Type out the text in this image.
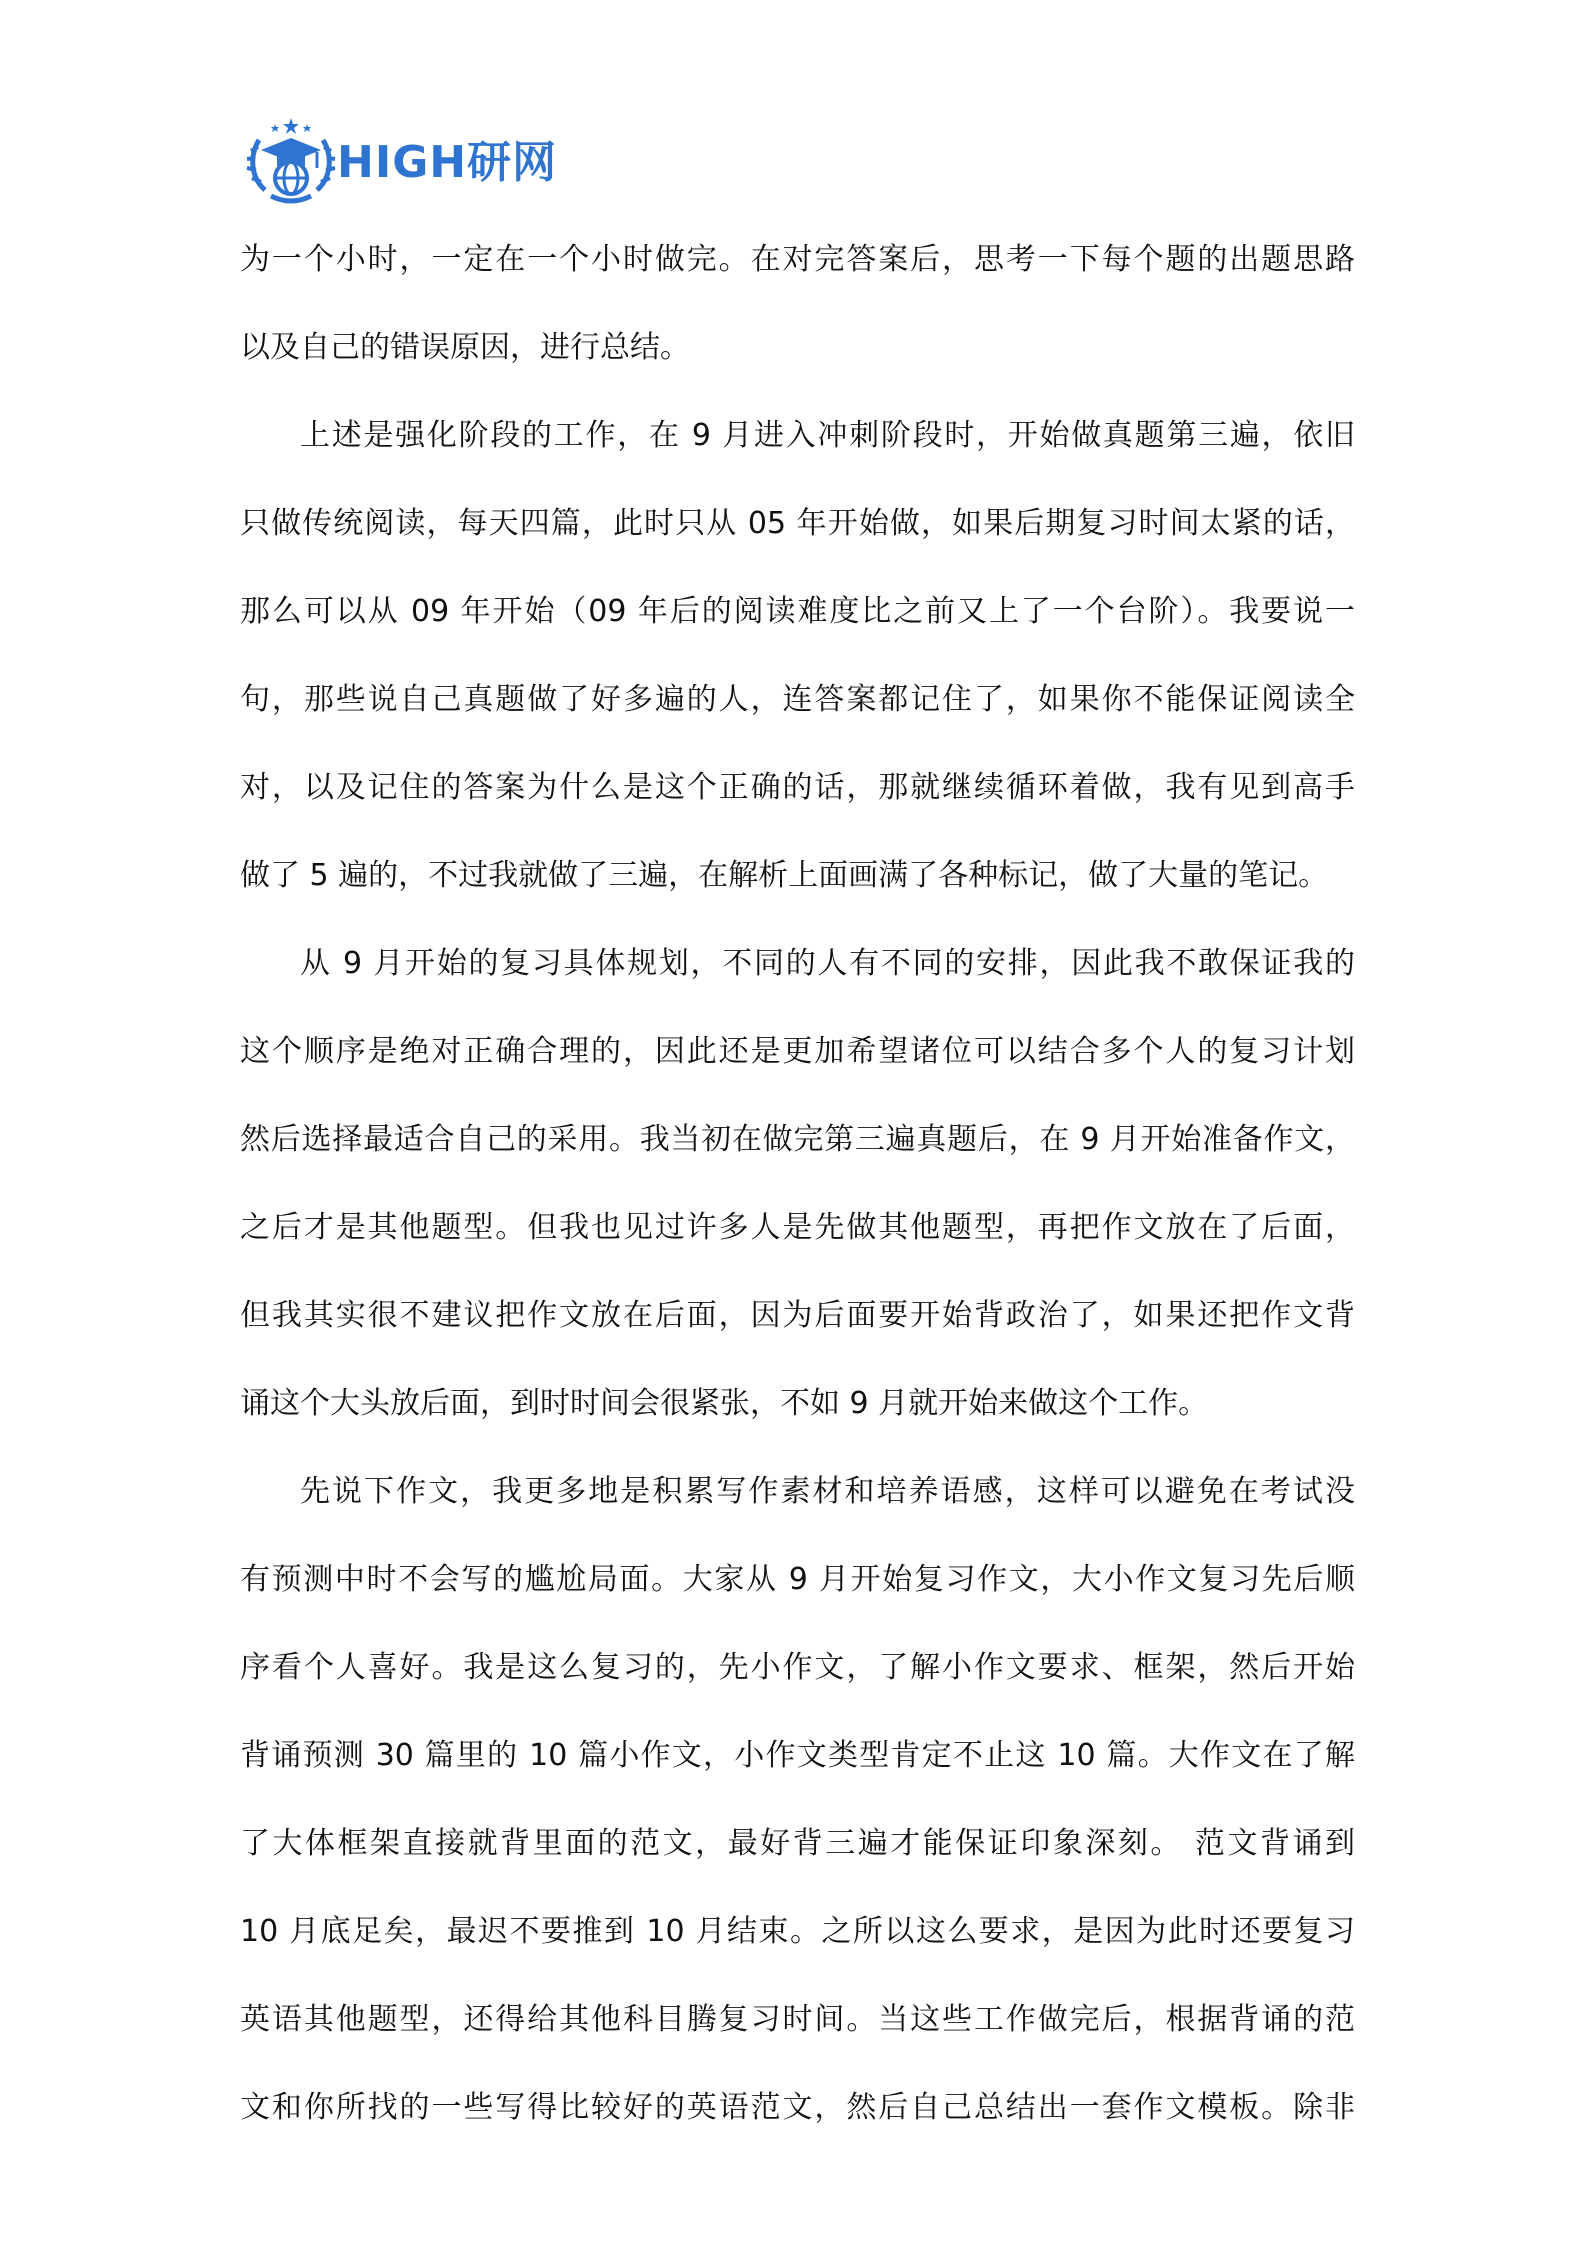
HIGH研网
为一个小时，一定在一个小时做完。在对完答案后，思考一下每个题的出题思路
以及自己的错误原因，进行总结。
上述是强化阶段的工作，在 9 月进入冲刺阶段时，开始做真题第三遍，依旧
只做传统阅读，每天四篇，此时只从 05 年开始做，如果后期复习时间太紧的话，
那么可以从 09 年开始（09 年后的阅读难度比之前又上了一个台阶）。我要说一
句，那些说自己真题做了好多遍的人，连答案都记住了，如果你不能保证阅读全
对，以及记住的答案为什么是这个正确的话，那就继续循环着做，我有见到高手
做了 5 遍的，不过我就做了三遍，在解析上面画满了各种标记，做了大量的笔记。
从 9 月开始的复习具体规划，不同的人有不同的安排，因此我不敢保证我的
这个顺序是绝对正确合理的，因此还是更加希望诸位可以结合多个人的复习计划
然后选择最适合自己的采用。我当初在做完第三遍真题后，在 9 月开始准备作文，
之后才是其他题型。但我也见过许多人是先做其他题型，再把作文放在了后面，
但我其实很不建议把作文放在后面，因为后面要开始背政治了，如果还把作文背
诵这个大头放后面，到时时间会很紧张，不如 9 月就开始来做这个工作。
先说下作文，我更多地是积累写作素材和培养语感，这样可以避免在考试没
有预测中时不会写的尴尬局面。大家从 9 月开始复习作文，大小作文复习先后顺
序看个人喜好。我是这么复习的，先小作文，了解小作文要求、框架，然后开始
背诵预测 30 篇里的 10 篇小作文，小作文类型肯定不止这 10 篇。大作文在了解
了大体框架直接就背里面的范文，最好背三遍才能保证印象深刻。 范文背诵到
10 月底足矣，最迟不要推到 10 月结束。之所以这么要求，是因为此时还要复习
英语其他题型，还得给其他科目腾复习时间。当这些工作做完后，根据背诵的范
文和你所找的一些写得比较好的英语范文，然后自己总结出一套作文模板。除非
